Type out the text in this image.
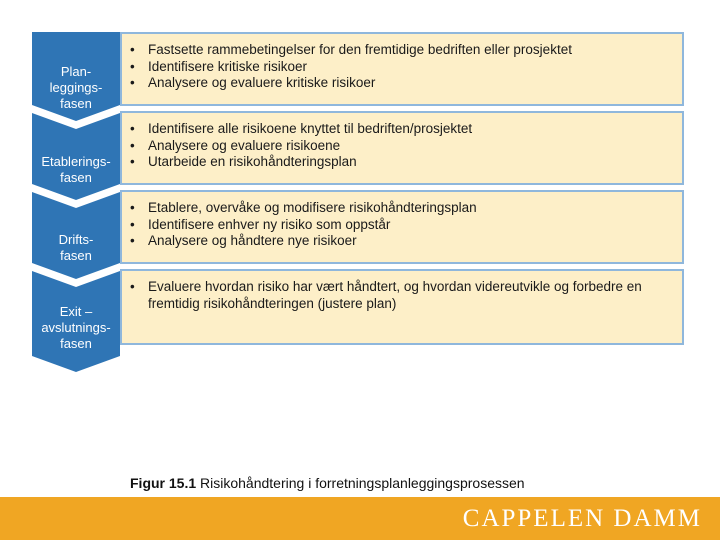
Plan-
leggings-
fasen
Etablerings-
fasen
Drifts-
fasen
Exit –
avslutnings-
fasen
• Fastsette rammebetingelser for den fremtidige bedriften eller prosjektet
• Identifisere kritiske risikoer
• Analysere og evaluere kritiske risikoer
• Identifisere alle risikoene knyttet til bedriften/prosjektet
• Analysere og evaluere risikoene
• Utarbeide en risikohåndteringsplan
• Etablere, overvåke og modifisere risikohåndteringsplan
• Identifisere enhver ny risiko som oppstår
• Analysere og håndtere nye risikoer
• Evaluere hvordan risiko har vært håndtert, og hvordan videreutvikle og forbedre en fremtidig risikohåndteringen (justere plan)
Figur 15.1 Risikohåndtering i forretningsplanleggingsprosessen
CAPPELEN DAMM
